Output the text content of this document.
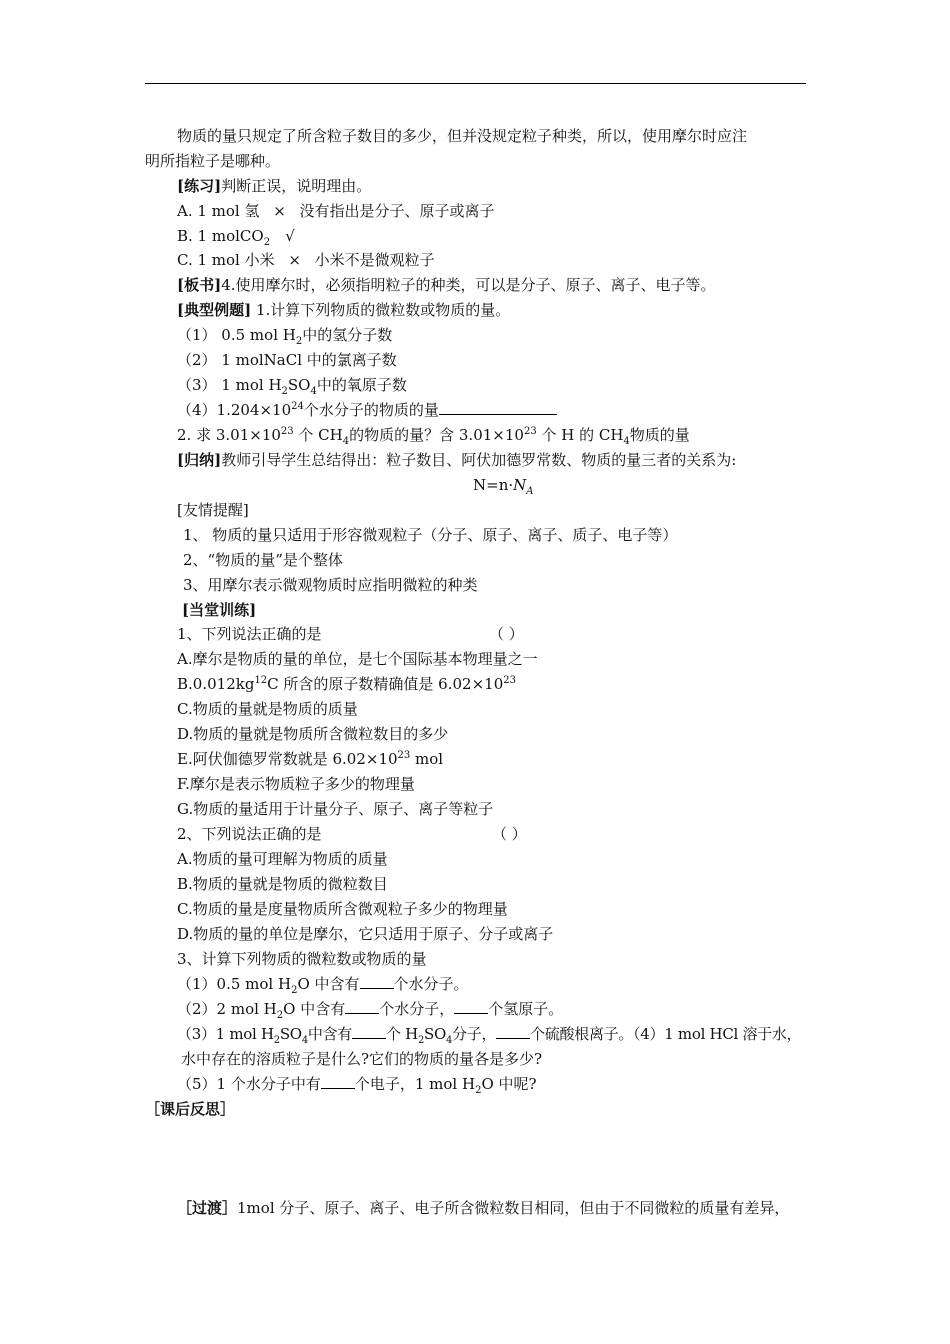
物质的量只规定了所含粒子数目的多少，但并没规定粒子种类，所以，使用摩尔时应注
明所指粒子是哪种。
[练习]判断正误，说明理由。
A. 1 mol 氢 × 没有指出是分子、原子或离子
B. 1 molCO$_2$ √
C. 1 mol 小米 × 小米不是微观粒子
[板书]4.使用摩尔时，必须指明粒子的种类，可以是分子、原子、离子、电子等。
[典型例题] 1.计算下列物质的微粒数或物质的量。
（1） 0.5 mol $H_2$中的氢分子数
（2） 1 molNaCl 中的氯离子数
（3） 1 mol $H_2SO_4$中的氧原子数
$(4)1.204\times 10^{24}$个水分子的物质的量
2. 求 $3.01\times 10^{23}$ 个 $CH_4$的物质的量？含 $3.01\times 10^{23}$ 个 H 的 $CH_4$物质的量
[归纳]教师引导学生总结得出：粒子数目、阿伏加德罗常数、物质的量三者的关系为:
$N=n\cdot N_A$
[友情提醒]
1、 物质的量只适用于形容微观粒子（分子、原子、离子、质子、电子等）
2、“物质的量”是个整体
3、用摩尔表示微观物质时应指明微粒的种类
[当堂训练]
1、下列说法正确的是	（ ）
A.摩尔是物质的量的单位，是七个国际基本物理量之一
$B.0.012kg^{12}C$ 所含的原子数精确值是 $6.02\times 10^{23}$
C.物质的量就是物质的质量
D.物质的量就是物质所含微粒数目的多少
E.阿伏伽德罗常数就是 $6.02\times 10^{23}$ mol
F.摩尔是表示物质粒子多少的物理量
G.物质的量适用于计量分子、原子、离子等粒子
2、下列说法正确的是	（ ）
A.物质的量可理解为物质的质量
B.物质的量就是物质的微粒数目
C.物质的量是度量物质所含微观粒子多少的物理量
D.物质的量的单位是摩尔，它只适用于原子、分子或离子
3、计算下列物质的微粒数或物质的量
（1）0.5 mol $H_2O$ 中含有 个水分子。
（2）2 mol $H_2O$ 中含有 个水分子， 个氢原子。
（3）1 mol $H_2SO_4$中含有 个 $H_2SO_4$分子， 个硫酸根离子。（4）1 mol HCl 溶于水，
水中存在的溶质粒子是什么?它们的物质的量各是多少?
（5）1 个水分子中有 个电子，1 mol $H_2O$ 中呢?
［课后反思］
［过渡］1mol 分子、原子、离子、电子所含微粒数目相同，但由于不同微粒的质量有差异，
